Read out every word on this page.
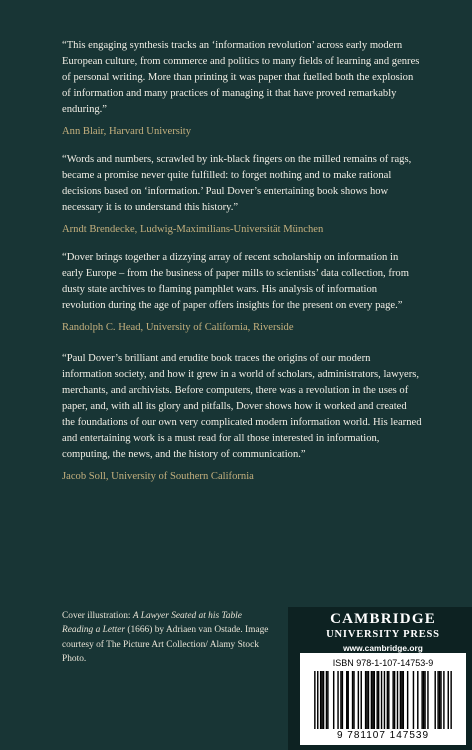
“This engaging synthesis tracks an ‘information revolution’ across early modern European culture, from commerce and politics to many fields of learning and genres of personal writing. More than printing it was paper that fuelled both the explosion of information and many practices of managing it that have proved remarkably enduring.”

Ann Blair, Harvard University

“Words and numbers, scrawled by ink-black fingers on the milled remains of rags, became a promise never quite fulfilled: to forget nothing and to make rational decisions based on ‘information.’ Paul Dover’s entertaining book shows how necessary it is to understand this history.”

Arndt Brendecke, Ludwig-Maximilians-Universität München

“Dover brings together a dizzying array of recent scholarship on information in early Europe – from the business of paper mills to scientists’ data collection, from dusty state archives to flaming pamphlet wars. His analysis of information revolution during the age of paper offers insights for the present on every page.”

Randolph C. Head, University of California, Riverside

“Paul Dover’s brilliant and erudite book traces the origins of our modern information society, and how it grew in a world of scholars, administrators, lawyers, merchants, and archivists. Before computers, there was a revolution in the uses of paper, and, with all its glory and pitfalls, Dover shows how it worked and created the foundations of our own very complicated modern information world. His learned and entertaining work is a must read for all those interested in information, computing, the news, and the history of communication.”

Jacob Soll, University of Southern California

Cover illustration: A Lawyer Seated at his Table Reading a Letter (1666) by Adriaen van Ostade. Image courtesy of The Picture Art Collection/ Alamy Stock Photo.

CAMBRIDGE
UNIVERSITY PRESS

www.cambridge.org

ISBN 978-1-107-14753-9

9 781107 147539
